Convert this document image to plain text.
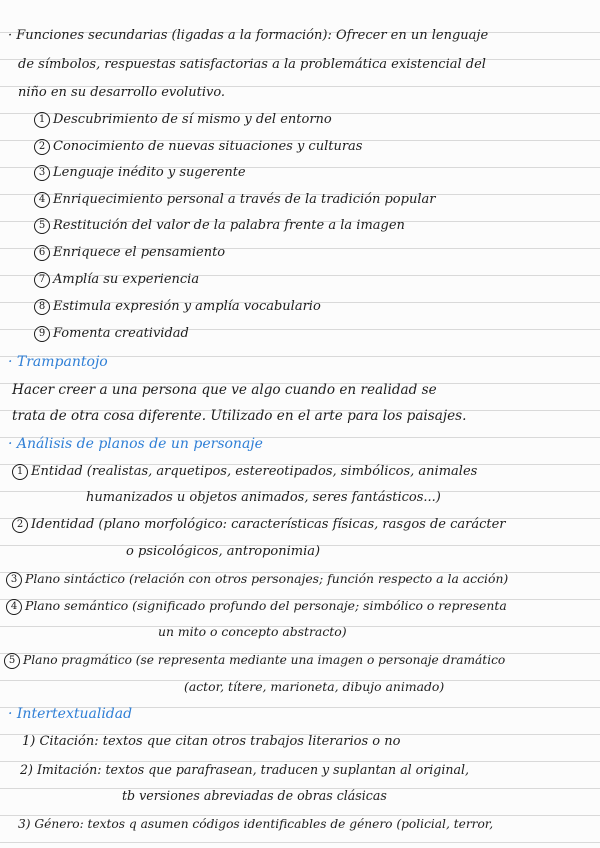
· Funciones secundarias (ligadas a la formación): Ofrecer en un lenguaje
de símbolos, respuestas satisfactorias a la problemática existencial del
niño en su desarrollo evolutivo.
1 Descubrimiento de sí mismo y del entorno
2 Conocimiento de nuevas situaciones y culturas
3 Lenguaje inédito y sugerente
4 Enriquecimiento personal a través de la tradición popular
5 Restitución del valor de la palabra frente a la imagen
6 Enriquece el pensamiento
7 Amplía su experiencia
8 Estimula expresión y amplía vocabulario
9 Fomenta creatividad
· Trampantojo
Hacer creer a una persona que ve algo cuando en realidad se
trata de otra cosa diferente. Utilizado en el arte para los paisajes.
· Análisis de planos de un personaje
1 Entidad (realistas, arquetipos, estereotipados, simbólicos, animales
humanizados u objetos animados, seres fantásticos...)
2 Identidad (plano morfológico: características físicas, rasgos de carácter
o psicológicos, antroponimia)
3 Plano sintáctico (relación con otros personajes; función respecto a la acción)
4 Plano semántico (significado profundo del personaje; simbólico o representa
un mito o concepto abstracto)
5 Plano pragmático (se representa mediante una imagen o personaje dramático
(actor, títere, marioneta, dibujo animado)
· Intertextualidad
1) Citación: textos que citan otros trabajos literarios o no
2) Imitación: textos que parafrasean, traducen y suplantan al original,
tb versiones abreviadas de obras clásicas
3) Género: textos q asumen códigos identificables de género (policial, terror,
